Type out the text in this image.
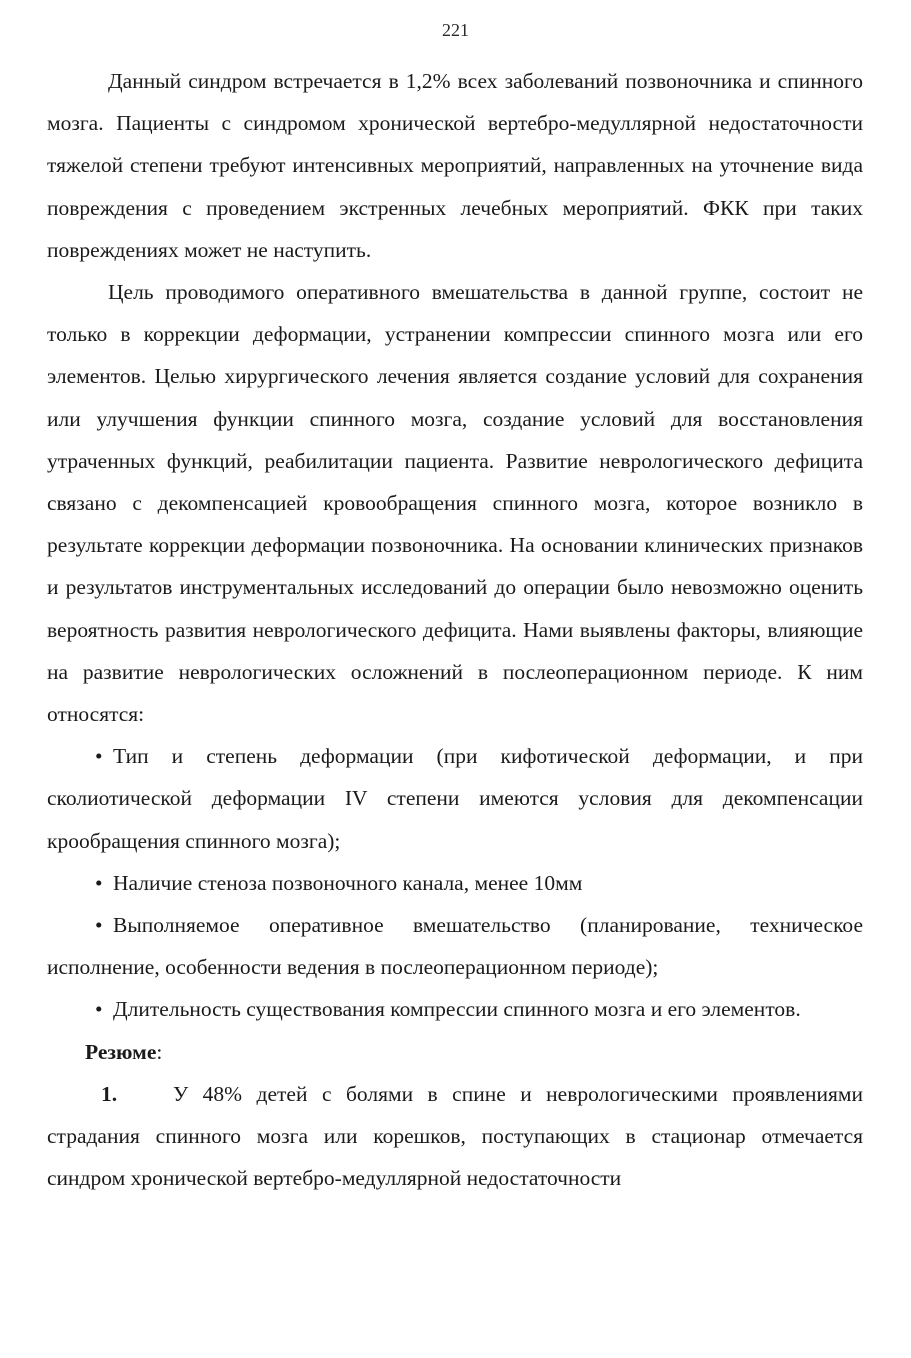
221

Данный синдром встречается в 1,2% всех заболеваний позвоночника и спинного мозга. Пациенты с синдромом хронической вертебро-медуллярной недостаточности тяжелой степени требуют интенсивных мероприятий, направленных на уточнение вида повреждения с проведением экстренных лечебных мероприятий. ФКК при таких повреждениях может не наступить.

Цель проводимого оперативного вмешательства в данной группе, состоит не только в коррекции деформации, устранении компрессии спинного мозга или его элементов. Целью хирургического лечения является создание условий для сохранения или улучшения функции спинного мозга, создание условий для восстановления утраченных функций, реабилитации пациента. Развитие неврологического дефицита связано с декомпенсацией кровообращения спинного мозга, которое возникло в результате коррекции деформации позвоночника. На основании клинических признаков и результатов инструментальных исследований до операции было невозможно оценить вероятность развития неврологического дефицита. Нами выявлены факторы, влияющие на развитие неврологических осложнений в послеоперационном периоде. К ним относятся:

• Тип и степень деформации (при кифотической деформации, и при сколиотической деформации IV степени имеются условия для декомпенсации крообращения спинного мозга);

• Наличие стеноза позвоночного канала, менее 10мм

• Выполняемое оперативное вмешательство (планирование, техническое исполнение, особенности ведения в послеоперационном периоде);

• Длительность существования компрессии спинного мозга и его элементов.

Резюме:

1.	У 48% детей с болями в спине и неврологическими проявлениями страдания спинного мозга или корешков, поступающих в стационар отмечается синдром хронической вертебро-медуллярной недостаточности
